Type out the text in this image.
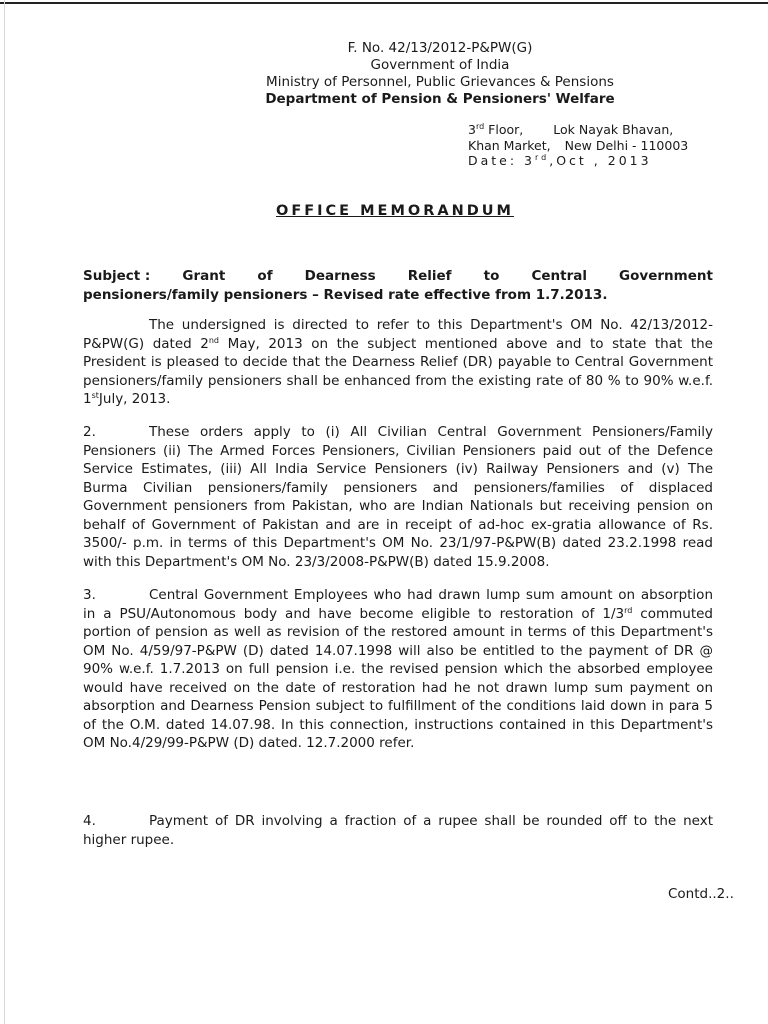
F. No. 42/13/2012-P&PW(G)
Government of India
Ministry of Personnel, Public Grievances & Pensions
Department of Pension & Pensioners' Welfare
3rd Floor, Lok Nayak Bhavan,
Khan Market, New Delhi - 110003
Date: 3rd,Oct , 2013
OFFICE MEMORANDUM
Subject : Grant of Dearness Relief to Central Government
pensioners/family pensioners – Revised rate effective from 1.7.2013.
The undersigned is directed to refer to this Department's OM No. 42/13/2012-P&PW(G) dated 2nd May, 2013 on the subject mentioned above and to state that the President is pleased to decide that the Dearness Relief (DR) payable to Central Government pensioners/family pensioners shall be enhanced from the existing rate of 80 % to 90% w.e.f. 1stJuly, 2013.
2.	These orders apply to (i) All Civilian Central Government Pensioners/Family Pensioners (ii) The Armed Forces Pensioners, Civilian Pensioners paid out of the Defence Service Estimates, (iii) All India Service Pensioners (iv) Railway Pensioners and (v) The Burma Civilian pensioners/family pensioners and pensioners/families of displaced Government pensioners from Pakistan, who are Indian Nationals but receiving pension on behalf of Government of Pakistan and are in receipt of ad-hoc ex-gratia allowance of Rs. 3500/- p.m. in terms of this Department's OM No. 23/1/97-P&PW(B) dated 23.2.1998 read with this Department's OM No. 23/3/2008-P&PW(B) dated 15.9.2008.
3.	Central Government Employees who had drawn lump sum amount on absorption in a PSU/Autonomous body and have become eligible to restoration of 1/3rd commuted portion of pension as well as revision of the restored amount in terms of this Department's OM No. 4/59/97-P&PW (D) dated 14.07.1998 will also be entitled to the payment of DR @ 90% w.e.f. 1.7.2013 on full pension i.e. the revised pension which the absorbed employee would have received on the date of restoration had he not drawn lump sum payment on absorption and Dearness Pension subject to fulfillment of the conditions laid down in para 5 of the O.M. dated 14.07.98. In this connection, instructions contained in this Department's OM No.4/29/99-P&PW (D) dated. 12.7.2000 refer.
4.	Payment of DR involving a fraction of a rupee shall be rounded off to the next higher rupee.
Contd..2..
